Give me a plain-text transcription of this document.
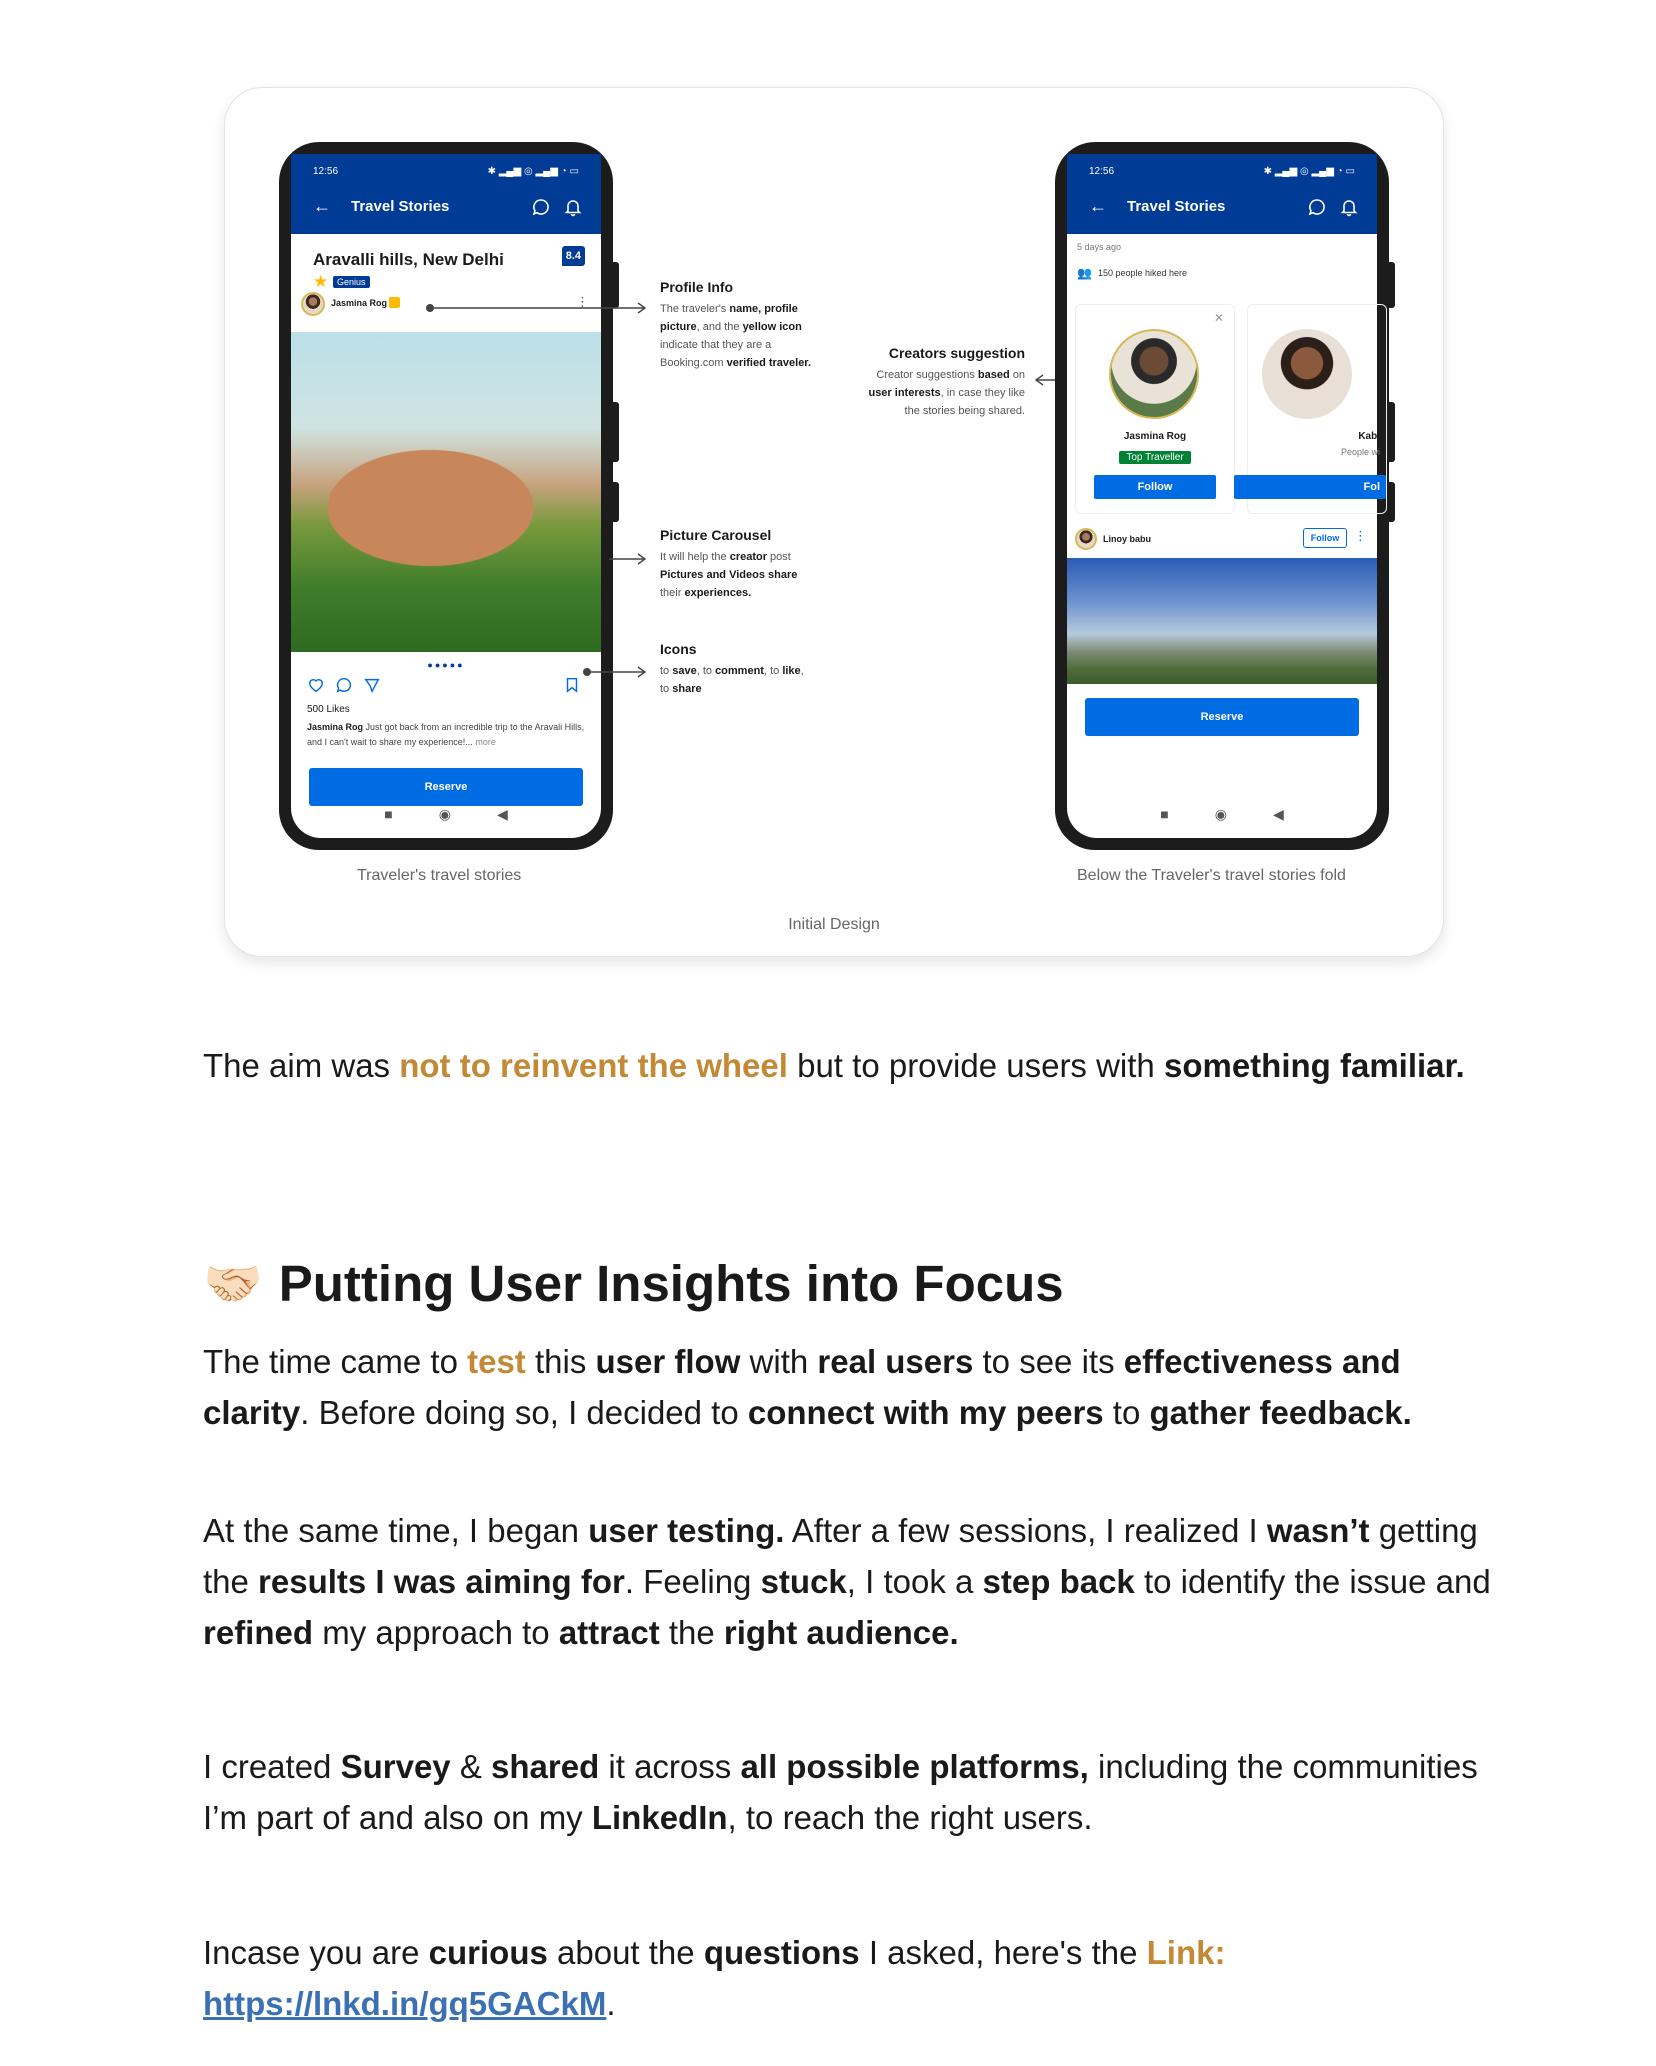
12:56	✱ ▂▄▆ ◎ ▂▄▆ ◔ ▭
← Travel Stories
Aravalli hills, New Delhi	8.4
★ Genius
Jasmina Rog	⋮
●●●●●
500 Likes
Jasmina Rog Just got back from an incredible trip to the Aravali Hills, and I can't wait to share my experience!... more
Reserve
■	◉	◀
Profile Info
The traveler's name, profile
picture, and the yellow icon
indicate that they are a
Booking.com verified traveler.
Creators suggestion
Creator suggestions based on
user interests, in case they like
the stories being shared.
Picture Carousel
It will help the creator post
Pictures and Videos share
their experiences.
Icons
to save, to comment, to like,
to share
12:56	✱ ▂▄▆ ◎ ▂▄▆ ◔ ▭
← Travel Stories
5 days ago
👥 150 people hiked here
✕
Jasmina Rog
Top Traveller
Follow
Kabi
People wi
Fol
Linoy babu	Follow	⋮
Reserve
■	◉	◀
Traveler's travel stories	Below the Traveler's travel stories fold
Initial Design

The aim was not to reinvent the wheel but to provide users with something familiar.

🤝🏻 Putting User Insights into Focus

The time came to test this user flow with real users to see its effectiveness and clarity. Before doing so, I decided to connect with my peers to gather feedback.

At the same time, I began user testing. After a few sessions, I realized I wasn’t getting the results I was aiming for. Feeling stuck, I took a step back to identify the issue and refined my approach to attract the right audience.

I created Survey & shared it across all possible platforms, including the communities I’m part of and also on my LinkedIn, to reach the right users.

Incase you are curious about the questions I asked, here's the Link:
https://lnkd.in/gq5GACkM.
